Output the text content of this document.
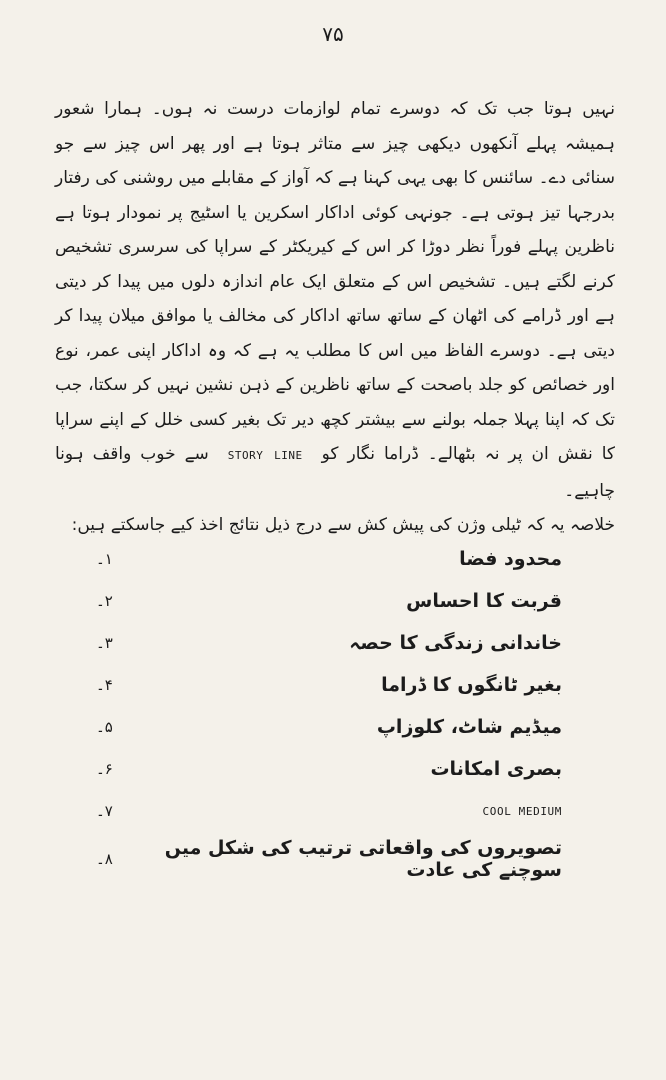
۷۵

نہیں ہوتا جب تک کہ دوسرے تمام لوازمات درست نہ ہوں۔ ہمارا شعور ہمیشہ پہلے آنکھوں دیکھی چیز سے متاثر ہوتا ہے اور پھر اس چیز سے جو سنائی دے۔ سائنس کا بھی یہی کہنا ہے کہ آواز کے مقابلے میں روشنی کی رفتار بدرجہا تیز ہوتی ہے۔ جونہی کوئی اداکار اسکرین یا اسٹیج پر نمودار ہوتا ہے ناظرین پہلے فوراً نظر دوڑا کر اس کے کیریکٹر کے سراپا کی سرسری تشخیص کرنے لگتے ہیں۔ تشخیص اس کے متعلق ایک عام اندازہ دلوں میں پیدا کر دیتی ہے اور ڈرامے کی اٹھان کے ساتھ ساتھ اداکار کی مخالف یا موافق میلان پیدا کر دیتی ہے۔ دوسرے الفاظ میں اس کا مطلب یہ ہے کہ وہ اداکار اپنی عمر، نوع اور خصائص کو جلد باصحت کے ساتھ ناظرین کے ذہن نشین نہیں کر سکتا، جب تک کہ اپنا پہلا جملہ بولنے سے بیشتر کچھ دیر تک بغیر کسی خلل کے اپنے سراپا کا نقش ان پر نہ بٹھالے۔ ڈراما نگار کو STORY LINE سے خوب واقف ہونا چاہیے۔

خلاصہ یہ کہ ٹیلی وژن کی پیش کش سے درج ذیل نتائج اخذ کیے جاسکتے ہیں:

محدود فضا
۱۔
قربت کا احساس
۲۔
خاندانی زندگی کا حصہ
۳۔
بغیر ٹانگوں کا ڈراما
۴۔
میڈیم شاٹ، کلوزاپ
۵۔
بصری امکانات
۶۔
COOL MEDIUM
۷۔
تصویروں کی واقعاتی ترتیب کی شکل میں سوچنے کی عادت
۸۔
